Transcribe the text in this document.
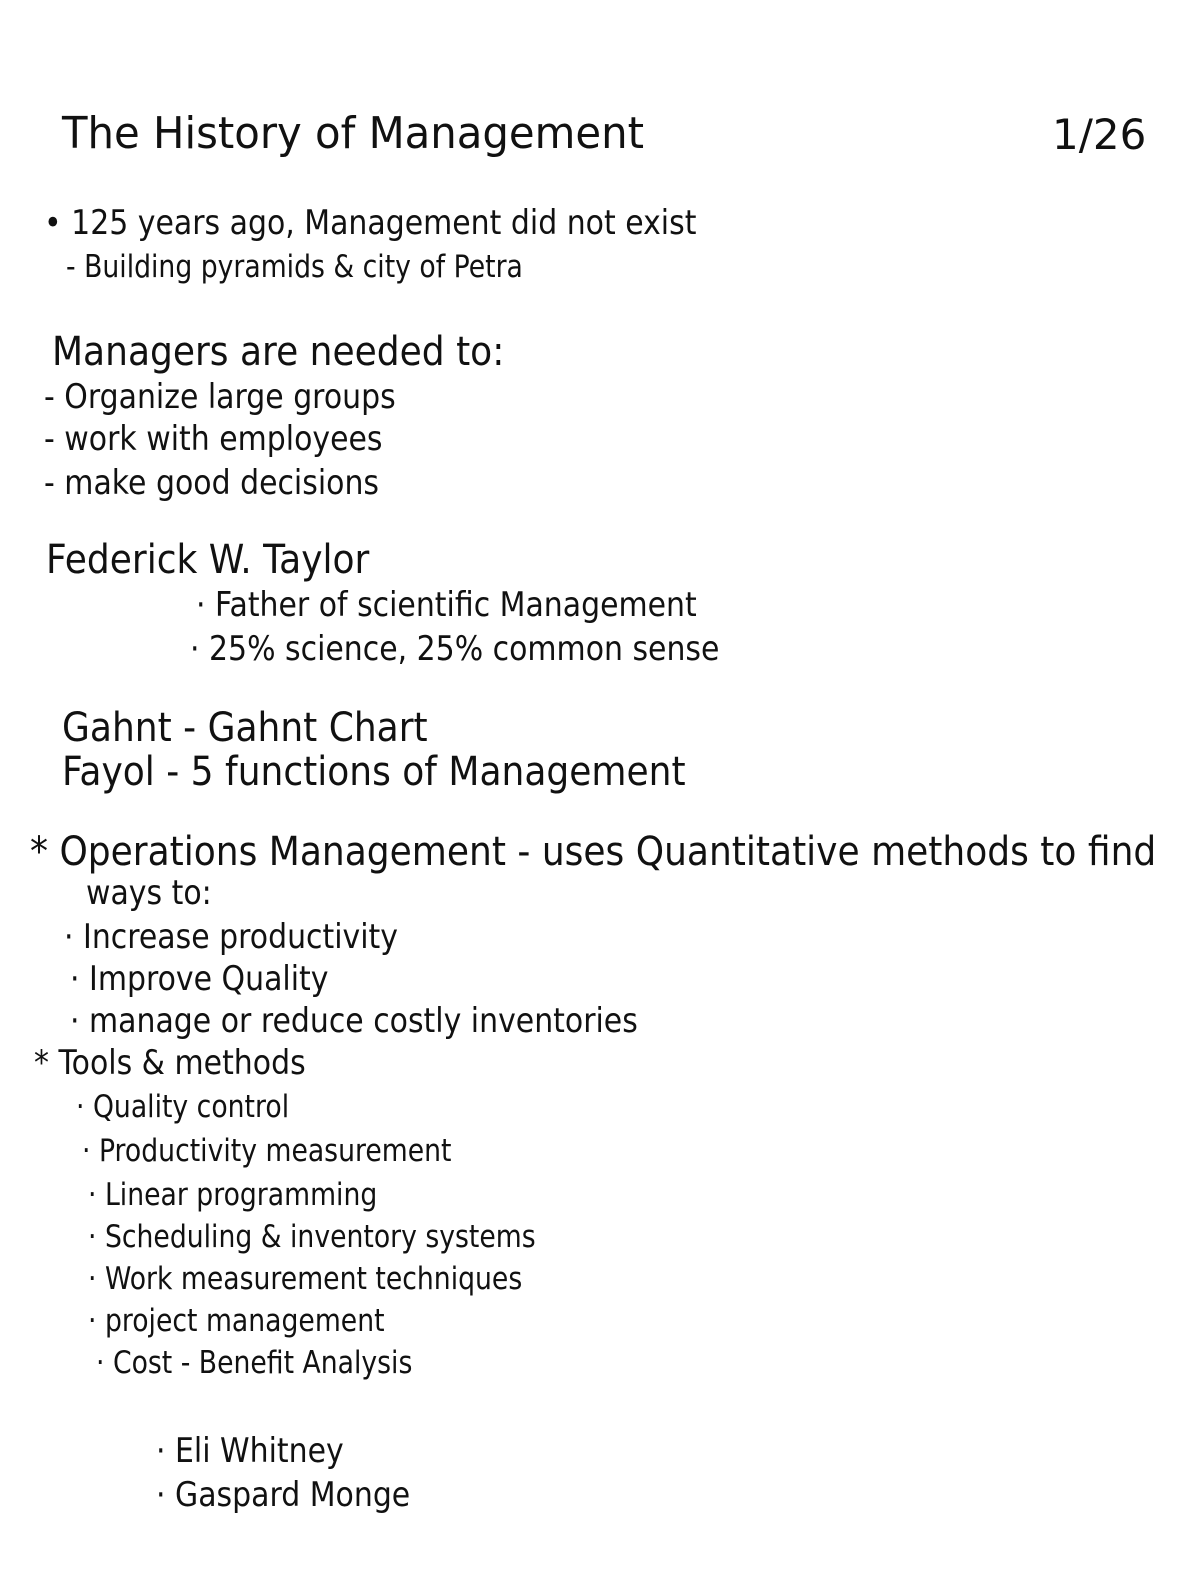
The History of Management	1/26
• 125 years ago, Management did not exist
- Building pyramids & city of Petra
Managers are needed to:
- Organize large groups
- work with employees
- make good decisions
Federick W. Taylor
· Father of scientific Management
· 25% science, 25% common sense
Gahnt - Gahnt Chart
Fayol - 5 functions of Management
* Operations Management - uses Quantitative methods to find
ways to:
· Increase productivity
· Improve Quality
· manage or reduce costly inventories
* Tools & methods
· Quality control
· Productivity measurement
· Linear programming
· Scheduling & inventory systems
· Work measurement techniques
· project management
· Cost - Benefit Analysis
· Eli Whitney
· Gaspard Monge
